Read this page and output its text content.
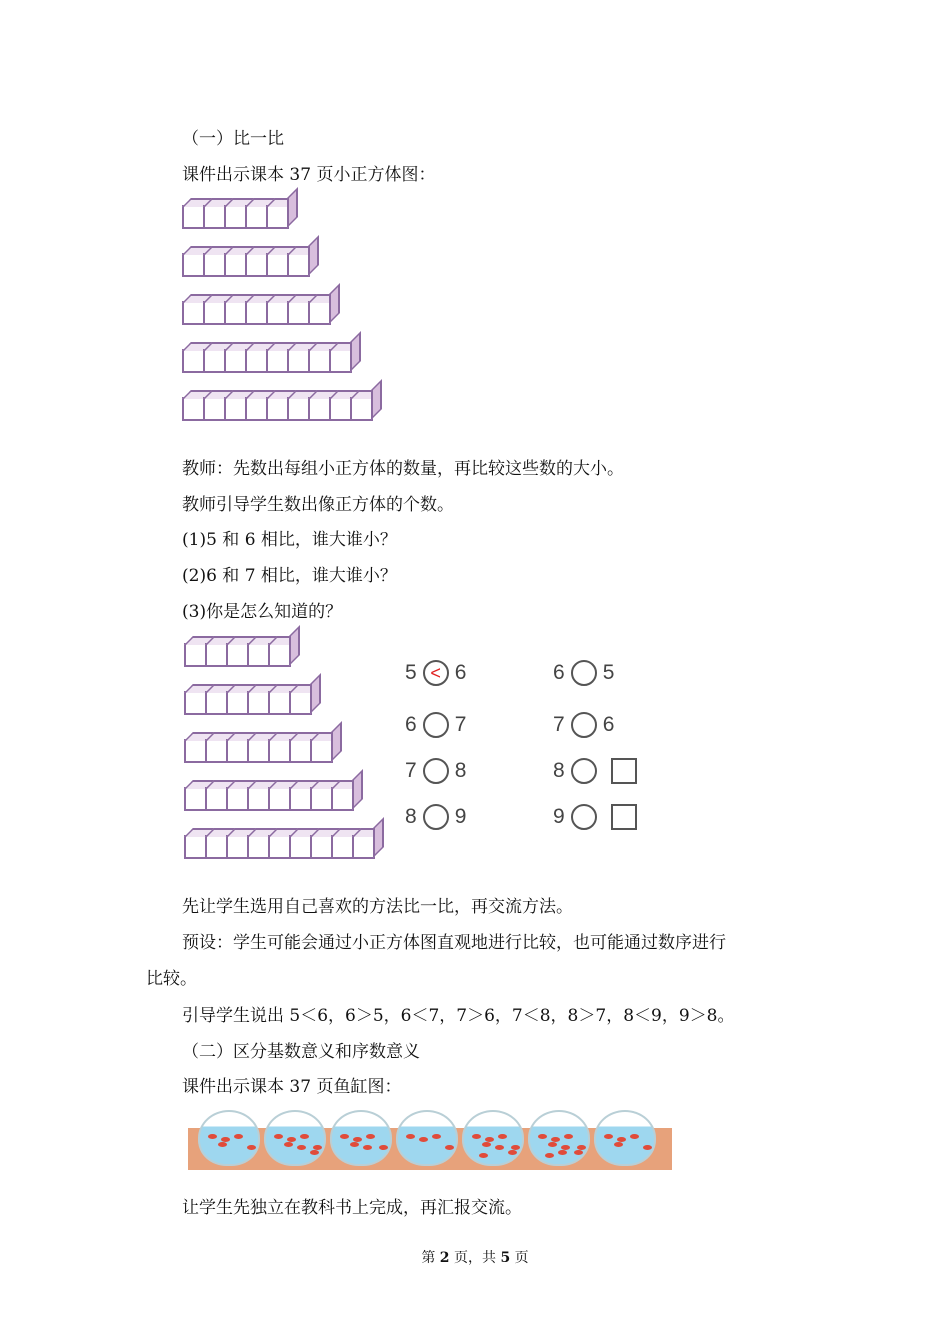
（一）比一比
课件出示课本 37 页小正方体图：
教师：先数出每组小正方体的数量，再比较这些数的大小。
教师引导学生数出像正方体的个数。
(1)5 和 6 相比，谁大谁小？
(2)6 和 7 相比，谁大谁小？
(3)你是怎么知道的？
5 < 6
6 7
7 8
8 9
6 5
7 6
8
9
先让学生选用自己喜欢的方法比一比，再交流方法。
预设：学生可能会通过小正方体图直观地进行比较，也可能通过数序进行
比较。
引导学生说出 5＜6，6＞5，6＜7，7＞6，7＜8，8＞7，8＜9，9＞8。
（二）区分基数意义和序数意义
课件出示课本 37 页鱼缸图：
让学生先独立在教科书上完成，再汇报交流。
第 2 页，共 5 页
